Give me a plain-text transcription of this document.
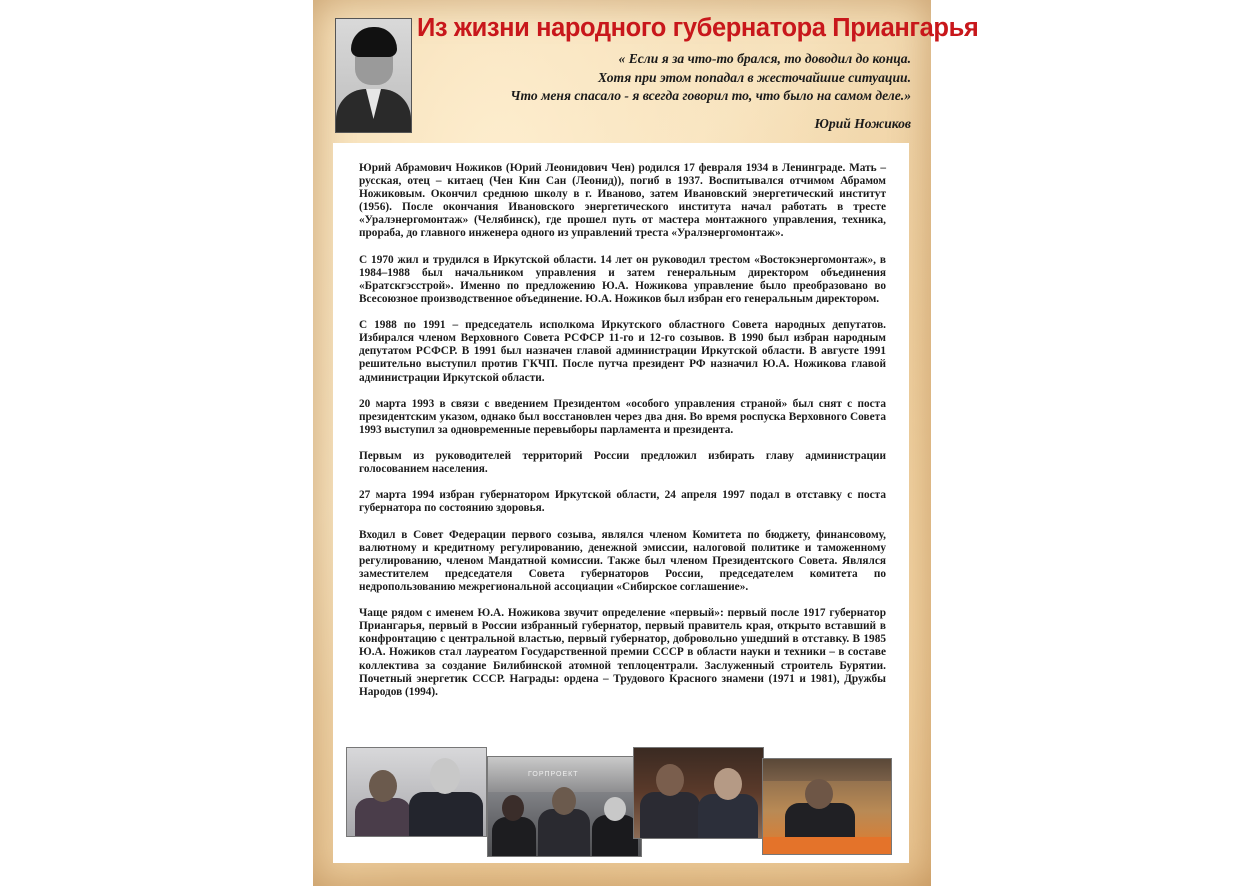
Из жизни народного губернатора Приангарья
« Если я за что-то брался, то доводил до конца.
Хотя при этом попадал в жесточайшие ситуации.
Что меня спасало - я всегда говорил то, что было на самом деле.»
Юрий Ножиков

Юрий Абрамович Ножиков (Юрий Леонидович Чен) родился 17 февраля 1934 в Ленинграде. Мать – русская, отец – китаец (Чен Кин Сан (Леонид)), погиб в 1937. Воспитывался отчимом Абрамом Ножиковым. Окончил среднюю школу в г. Иваново, затем Ивановский энергетический институт (1956). После окончания Ивановского энергетического института начал работать в тресте «Уралэнергомонтаж» (Челябинск), где прошел путь от мастера монтажного управления, техника, прораба, до главного инженера одного из управлений треста «Уралэнергомонтаж».

С 1970 жил и трудился в Иркутской области. 14 лет он руководил трестом «Востокэнергомонтаж», в 1984–1988 был начальником управления и затем генеральным директором объединения «Братскгэсстрой». Именно по предложению Ю.А. Ножикова управление было преобразовано во Всесоюзное производственное объединение. Ю.А. Ножиков был избран его генеральным директором.

С 1988 по 1991 – председатель исполкома Иркутского областного Совета народных депутатов. Избирался членом Верховного Совета РСФСР 11-го и 12-го созывов. В 1990 был избран народным депутатом РСФСР. В 1991 был назначен главой администрации Иркутской области. В августе 1991 решительно выступил против ГКЧП. После путча президент РФ назначил Ю.А. Ножикова главой администрации Иркутской области.

20 марта 1993 в связи с введением Президентом «особого управления страной» был снят с поста президентским указом, однако был восстановлен через два дня. Во время роспуска Верховного Совета 1993 выступил за одновременные перевыборы парламента и президента.

Первым из руководителей территорий России предложил избирать главу администрации голосованием населения.

27 марта 1994 избран губернатором Иркутской области, 24 апреля 1997 подал в отставку с поста губернатора по состоянию здоровья.

Входил в Совет Федерации первого созыва, являлся членом Комитета по бюджету, финансовому, валютному и кредитному регулированию, денежной эмиссии, налоговой политике и таможенному регулированию, членом Мандатной комиссии. Также был членом Президентского Совета. Являлся заместителем председателя Совета губернаторов России, председателем комитета по недропользованию межрегиональной ассоциации «Сибирское соглашение».

Чаще рядом с именем Ю.А. Ножикова звучит определение «первый»: первый после 1917 губернатор Приангарья, первый в России избранный губернатор, первый правитель края, открыто вставший в конфронтацию с центральной властью, первый губернатор, добровольно ушедший в отставку. В 1985 Ю.А. Ножиков стал лауреатом Государственной премии СССР в области науки и техники – в составе коллектива за создание Билибинской атомной теплоцентрали. Заслуженный строитель Бурятии. Почетный энергетик СССР. Награды: ордена – Трудового Красного знамени (1971 и 1981), Дружбы Народов (1994).

ГОРПРОЕКТ
